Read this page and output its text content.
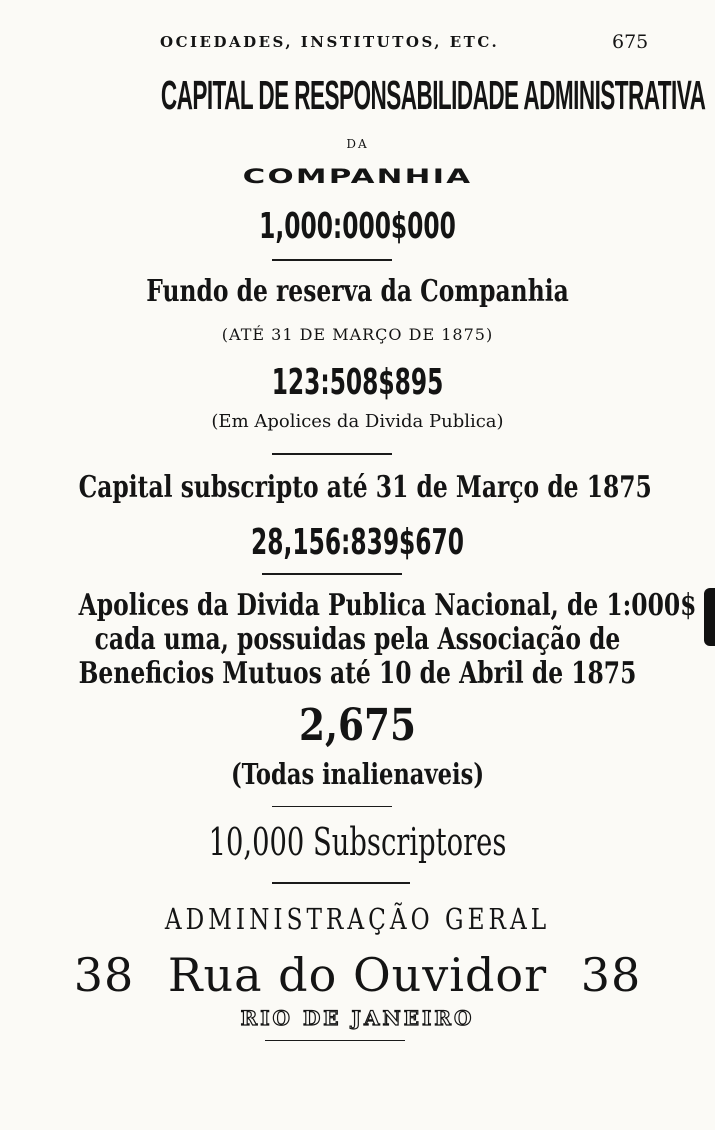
OCIEDADES, INSTITUTOS, ETC.	675
CAPITAL DE RESPONSABILIDADE ADMINISTRATIVA
DA
COMPANHIA
1,000:000$000
Fundo de reserva da Companhia
(ATÉ 31 DE MARÇO DE 1875)
123:508$895
(Em Apolices da Divida Publica)
Capital subscripto até 31 de Março de 1875
28,156:839$670
Apolices da Divida Publica Nacional, de 1:000$
cada uma, possuidas pela Associação de
Beneficios Mutuos até 10 de Abril de 1875
2,675
(Todas inalienaveis)
10,000 Subscriptores
ADMINISTRAÇÃO GERAL
38 Rua do Ouvidor 38
RIO DE JANEIRO
